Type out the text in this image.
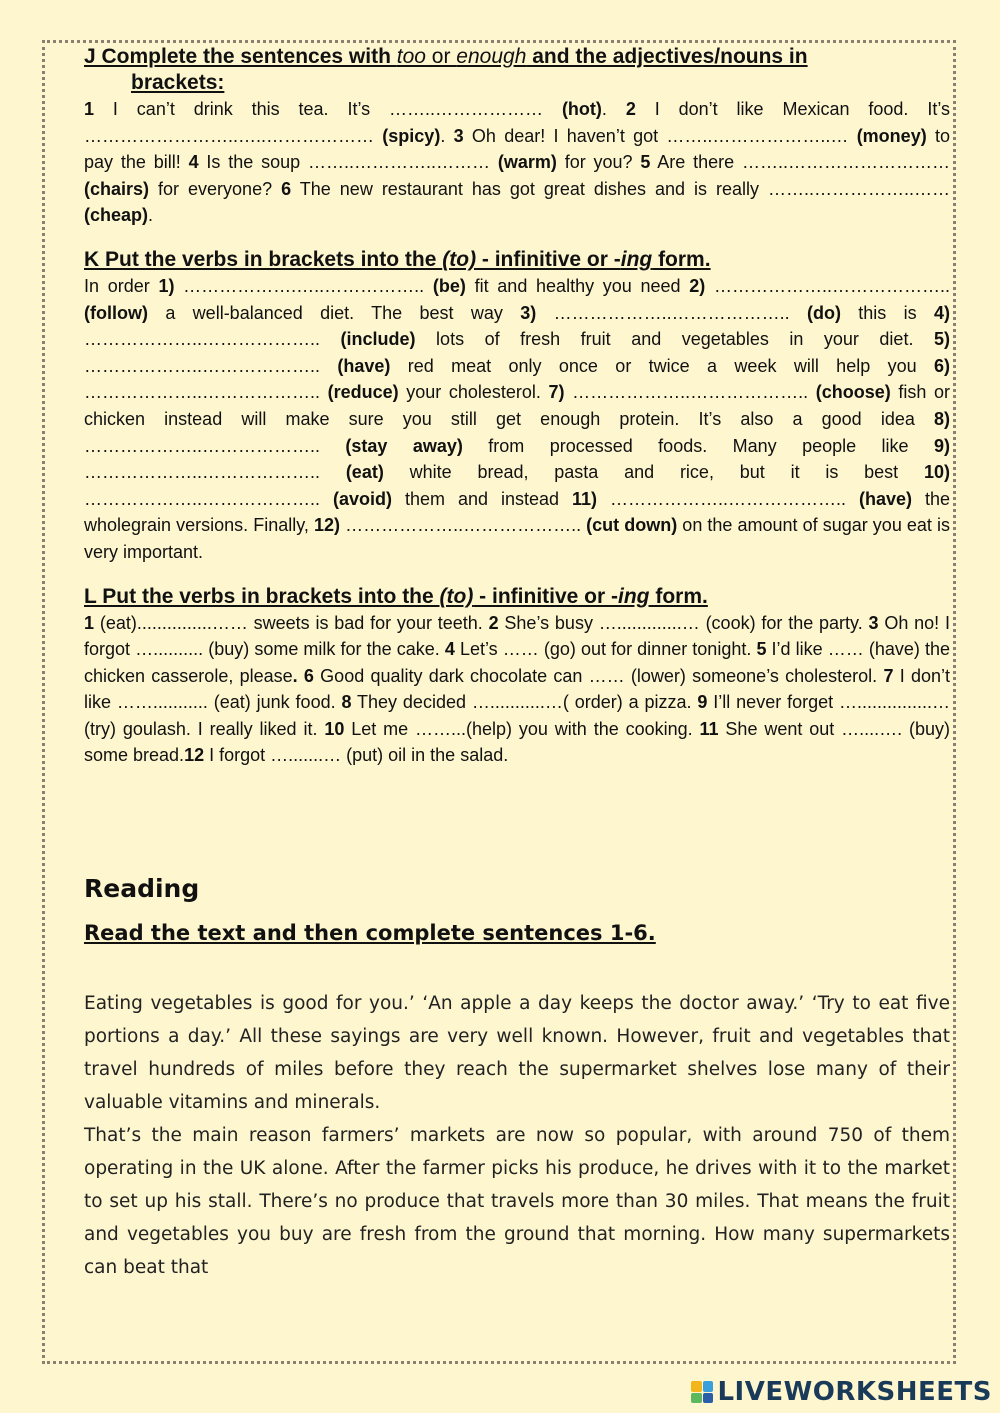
J Complete the sentences with too or enough and the adjectives/nouns in
brackets:

1 I can’t drink this tea. It’s ……..……………… (hot). 2 I don’t like Mexican food. It’s ……………………..…..……………… (spicy). 3 Oh dear! I haven’t got ……..………………..… (money) to pay the bill! 4 Is the soup ……..…………..……… (warm) for you? 5 Are there ……..……………………… (chairs) for everyone? 6 The new restaurant has got great dishes and is really ……..……………..…… (cheap).

K Put the verbs in brackets into the (to) - infinitive or -ing form.

In order 1) ……………….…..…………….. (be) fit and healthy you need 2) ………………..……………….. (follow) a well-balanced diet. The best way 3) ………………..……………….. (do) this is 4) ………………..……………….. (include) lots of fresh fruit and vegetables in your diet. 5) ………………..……………….. (have) red meat only once or twice a week will help you 6) ………………..……………….. (reduce) your cholesterol. 7) ………………..……………….. (choose) fish or chicken instead will make sure you still get enough protein. It’s also a good idea 8) ………………..……………….. (stay away) from processed foods. Many people like 9) ………………..……………….. (eat) white bread, pasta and rice, but it is best 10) ………………..……………….. (avoid) them and instead 11) ………………..……………….. (have) the wholegrain versions. Finally, 12) ………………..……………….. (cut down) on the amount of sugar you eat is very important.

L Put the verbs in brackets into the (to) - infinitive or -ing form.

1 (eat)...............…… sweets is bad for your teeth. 2 She’s busy ….............… (cook) for the party. 3 Oh no! I forgot ….......... (buy) some milk for the cake. 4 Let’s …… (go) out for dinner tonight. 5 I’d like …… (have) the chicken casserole, please. 6 Good quality dark chocolate can …… (lower) someone’s cholesterol. 7 I don’t like ……........... (eat) junk food. 8 They decided …...........…( order) a pizza. 9 I’ll never forget …...............…(try) goulash. I really liked it. 10 Let me ……...(help) you with the cooking. 11 She went out …....…. (buy) some bread.12 I forgot ….......… (put) oil in the salad.

Reading

Read the text and then complete sentences 1-6.

Eating vegetables is good for you.’ ‘An apple a day keeps the doctor away.’ ‘Try to eat five portions a day.’ All these sayings are very well known. However, fruit and vegetables that travel hundreds of miles before they reach the supermarket shelves lose many of their valuable vitamins and minerals.
That’s the main reason farmers’ markets are now so popular, with around 750 of them operating in the UK alone. After the farmer picks his produce, he drives with it to the market to set up his stall. There’s no produce that travels more than 30 miles. That means the fruit and vegetables you buy are fresh from the ground that morning. How many supermarkets can beat that
LIVEWORKSHEETS
